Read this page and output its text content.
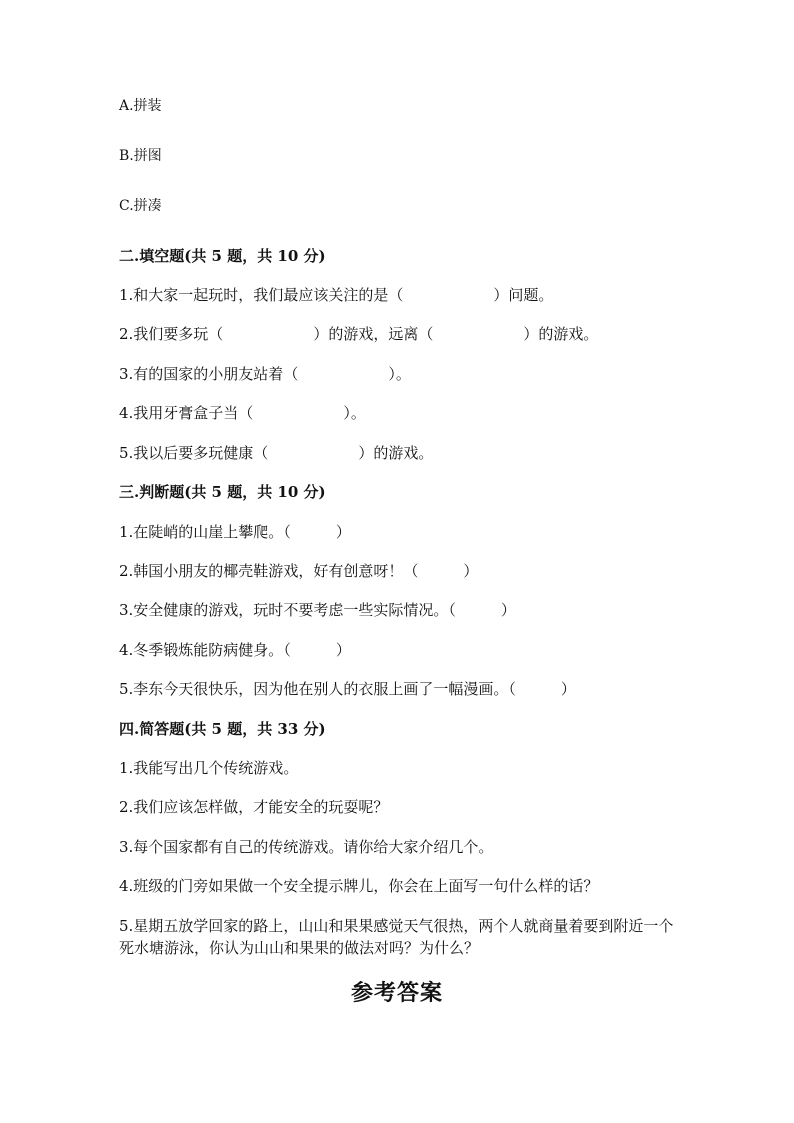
A.拼装
B.拼图
C.拼凑
二.填空题(共 5 题，共 10 分)
1.和大家一起玩时，我们最应该关注的是（　　　　　　）问题。
2.我们要多玩（　　　　　　）的游戏，远离（　　　　　　）的游戏。
3.有的国家的小朋友站着（　　　　　　）。
4.我用牙膏盒子当（　　　　　　）。
5.我以后要多玩健康（　　　　　　）的游戏。
三.判断题(共 5 题，共 10 分)
1.在陡峭的山崖上攀爬。（　　　）
2.韩国小朋友的椰壳鞋游戏，好有创意呀！（　　　）
3.安全健康的游戏，玩时不要考虑一些实际情况。（　　　）
4.冬季锻炼能防病健身。（　　　）
5.李东今天很快乐，因为他在别人的衣服上画了一幅漫画。（　　　）
四.简答题(共 5 题，共 33 分)
1.我能写出几个传统游戏。
2.我们应该怎样做，才能安全的玩耍呢？
3.每个国家都有自己的传统游戏。请你给大家介绍几个。
4.班级的门旁如果做一个安全提示牌儿，你会在上面写一句什么样的话？
5.星期五放学回家的路上，山山和果果感觉天气很热，两个人就商量着要到附近一个死水塘游泳，你认为山山和果果的做法对吗？为什么？
参考答案
